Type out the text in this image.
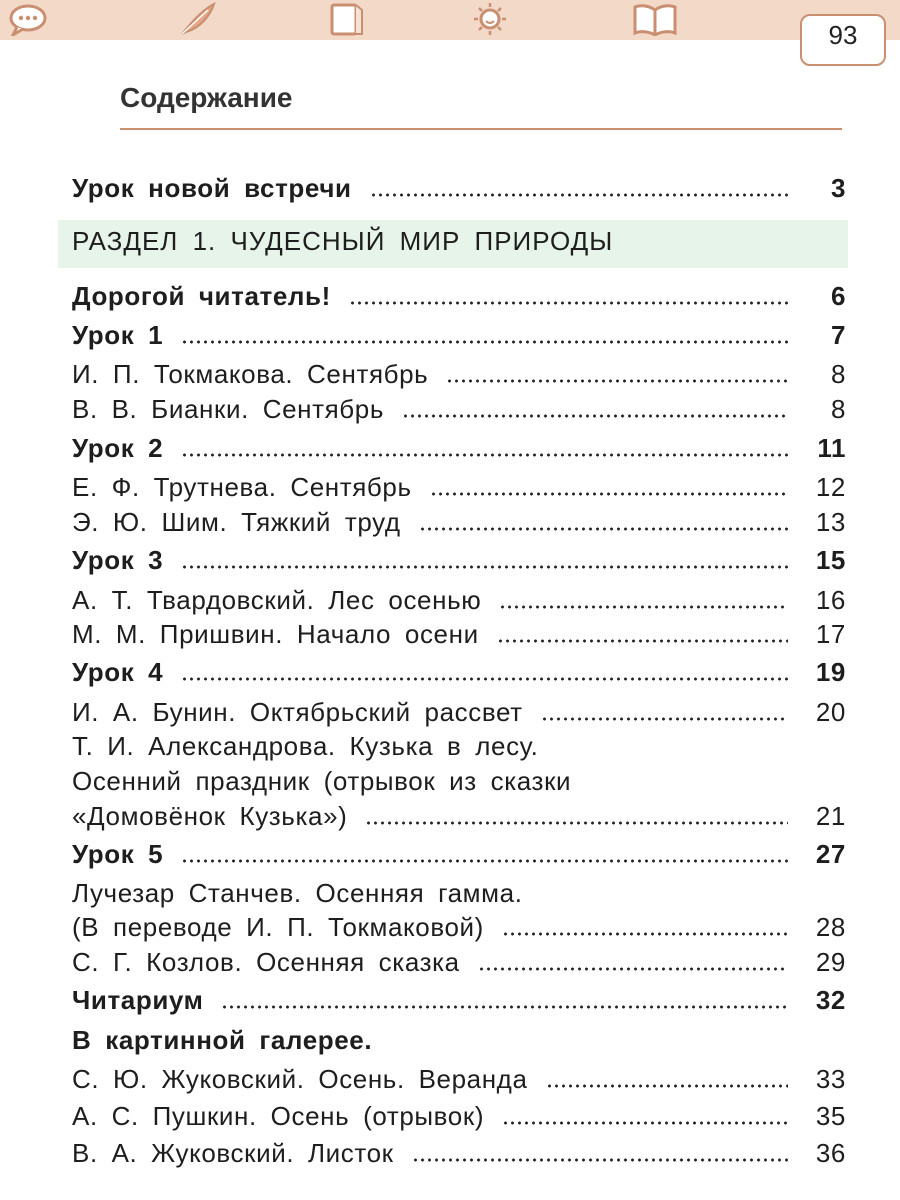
93
Содержание
Урок новой встречи	3
РАЗДЕЛ 1. ЧУДЕСНЫЙ МИР ПРИРОДЫ
Дорогой читатель!	6
Урок 1	7
И. П. Токмакова. Сентябрь	8
В. В. Бианки. Сентябрь	8
Урок 2	11
Е. Ф. Трутнева. Сентябрь	12
Э. Ю. Шим. Тяжкий труд	13
Урок 3	15
А. Т. Твардовский. Лес осенью	16
М. М. Пришвин. Начало осени	17
Урок 4	19
И. А. Бунин. Октябрьский рассвет	20
Т. И. Александрова. Кузька в лесу.
Осенний праздник (отрывок из сказки
«Домовёнок Кузька»)	21
Урок 5	27
Лучезар Станчев. Осенняя гамма.
(В переводе И. П. Токмаковой)	28
С. Г. Козлов. Осенняя сказка	29
Читариум	32
В картинной галерее.
С. Ю. Жуковский. Осень. Веранда	33
А. С. Пушкин. Осень (отрывок)	35
В. А. Жуковский. Листок	36
